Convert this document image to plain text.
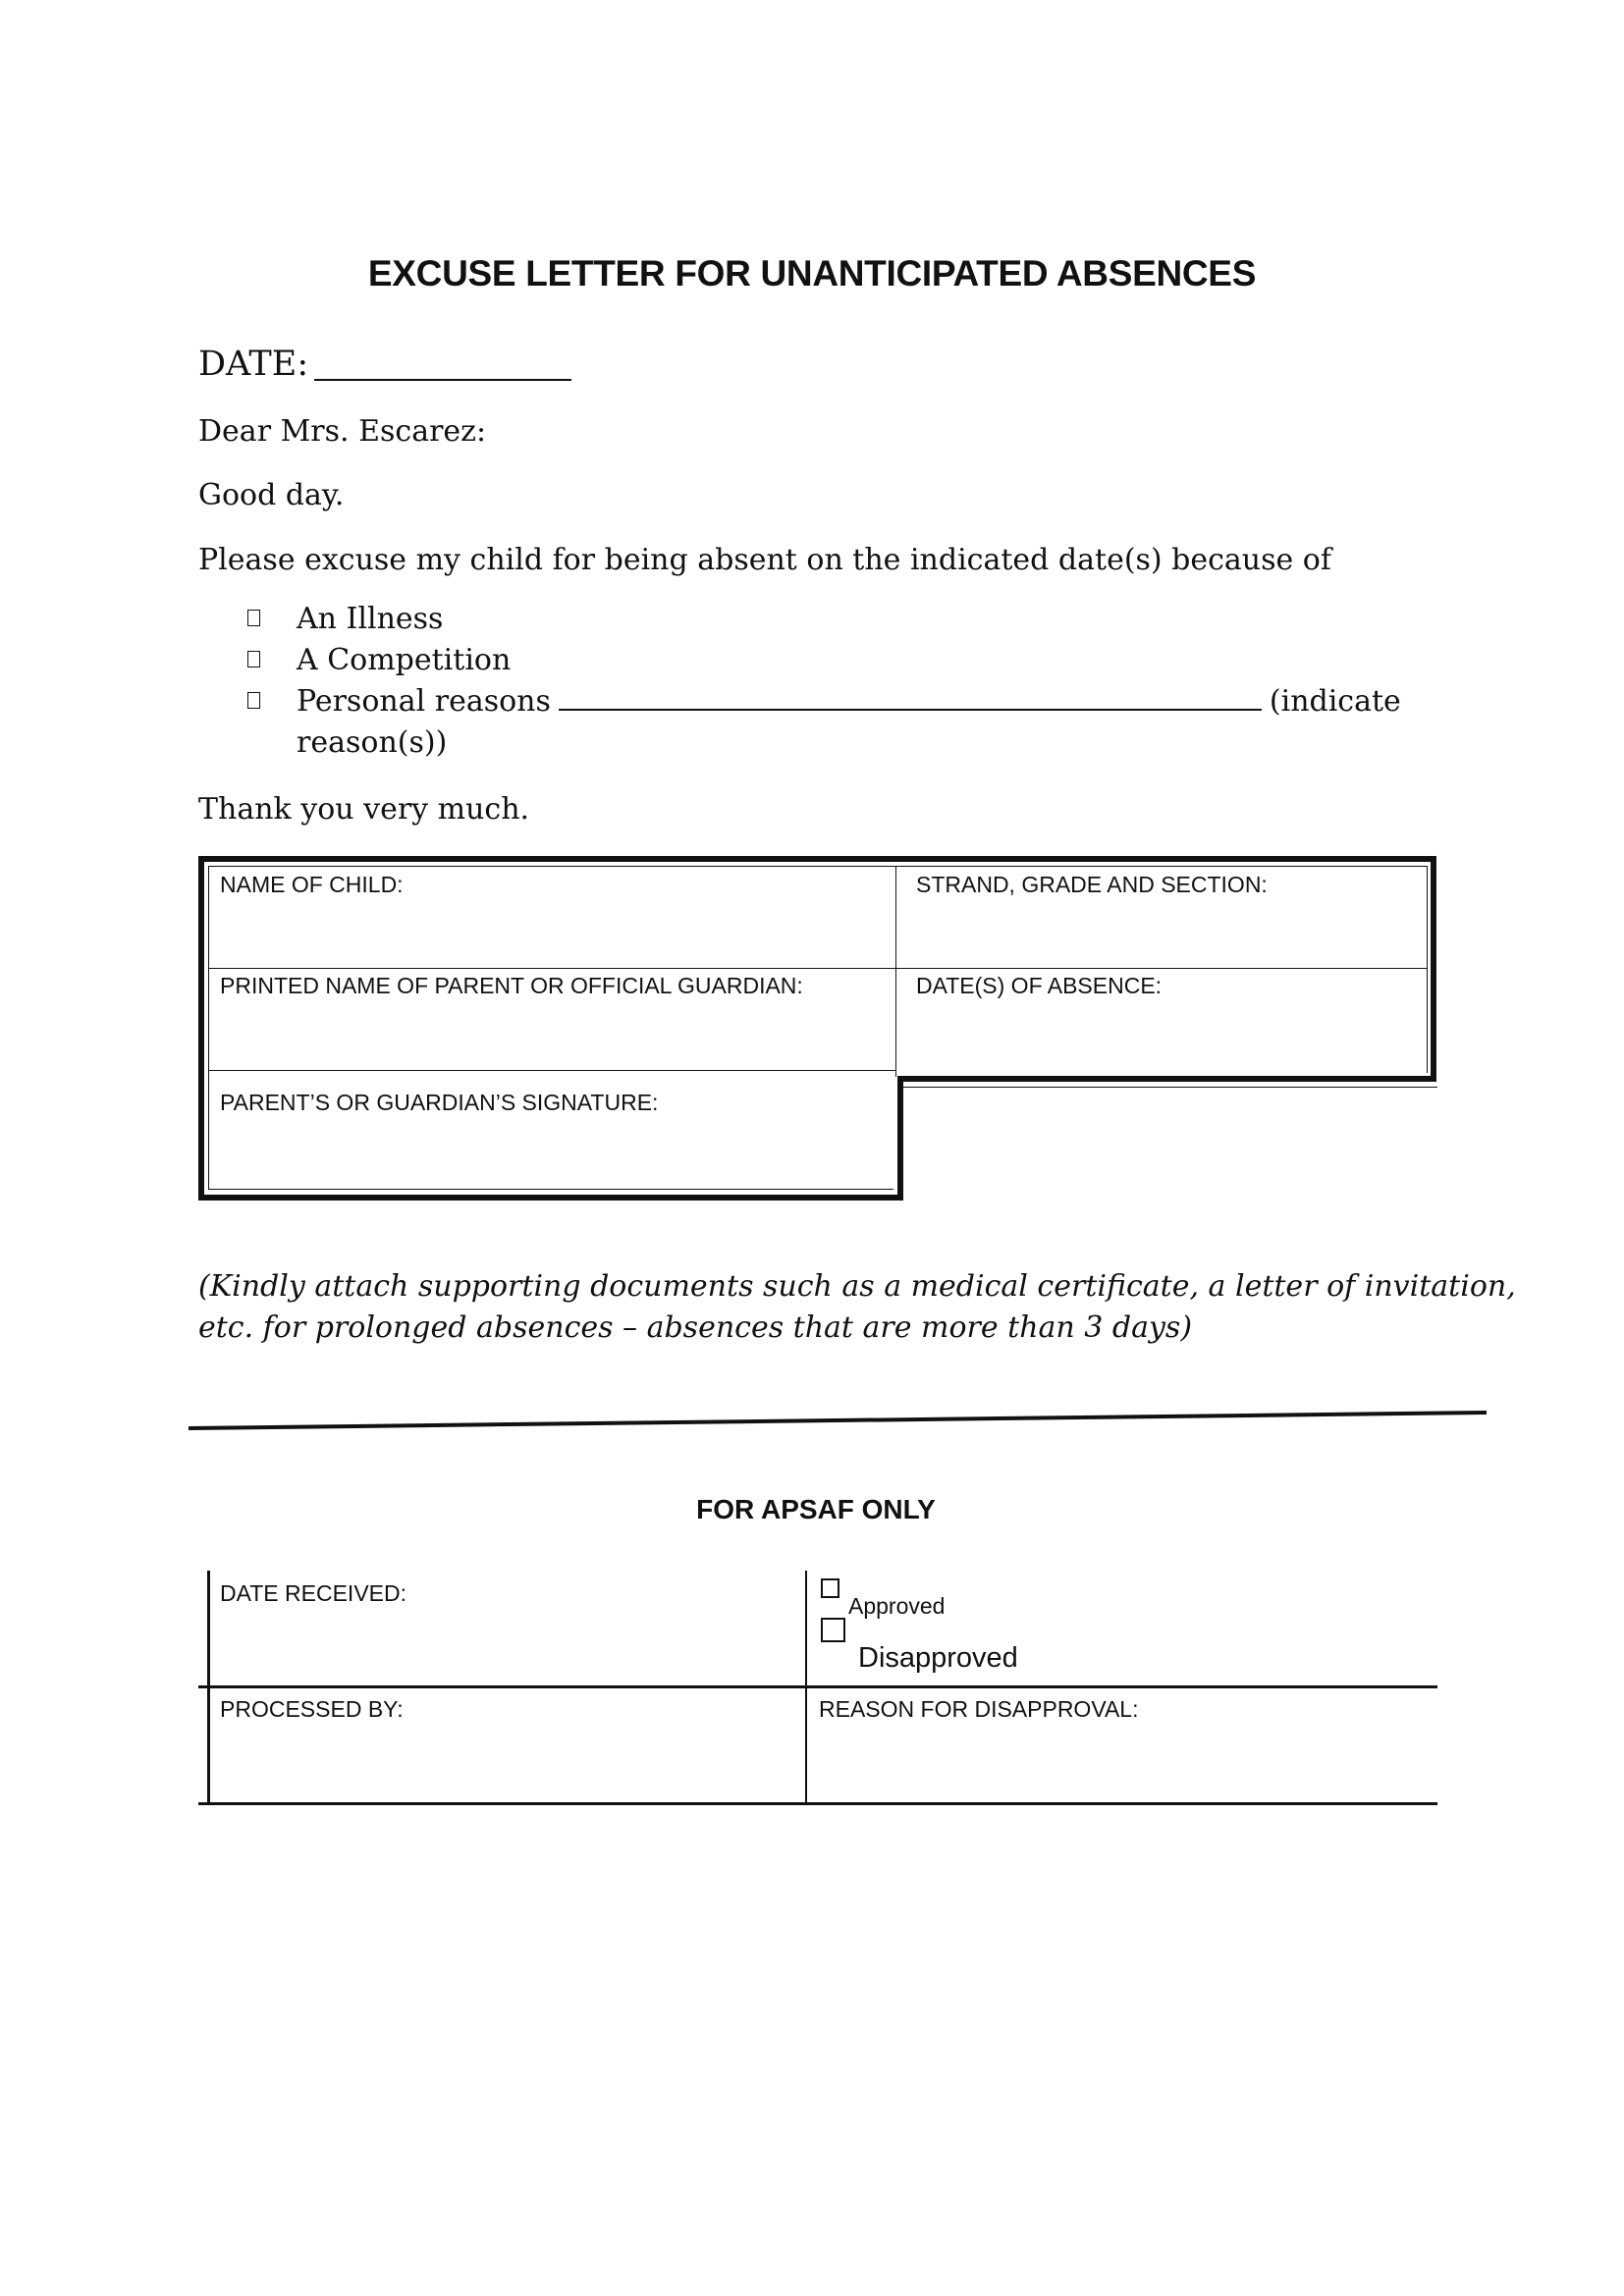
EXCUSE LETTER FOR UNANTICIPATED ABSENCES
DATE:
Dear Mrs. Escarez:
Good day.
Please excuse my child for being absent on the indicated date(s) because of
An Illness
A Competition
Personal reasons	(indicate
reason(s))
Thank you very much.
NAME OF CHILD:	STRAND, GRADE AND SECTION:
PRINTED NAME OF PARENT OR OFFICIAL GUARDIAN:	DATE(S) OF ABSENCE:
PARENT’S OR GUARDIAN’S SIGNATURE:
(Kindly attach supporting documents such as a medical certificate, a letter of invitation,
etc. for prolonged absences – absences that are more than 3 days)
FOR APSAF ONLY
DATE RECEIVED:	Approved
Disapproved
PROCESSED BY:	REASON FOR DISAPPROVAL:
